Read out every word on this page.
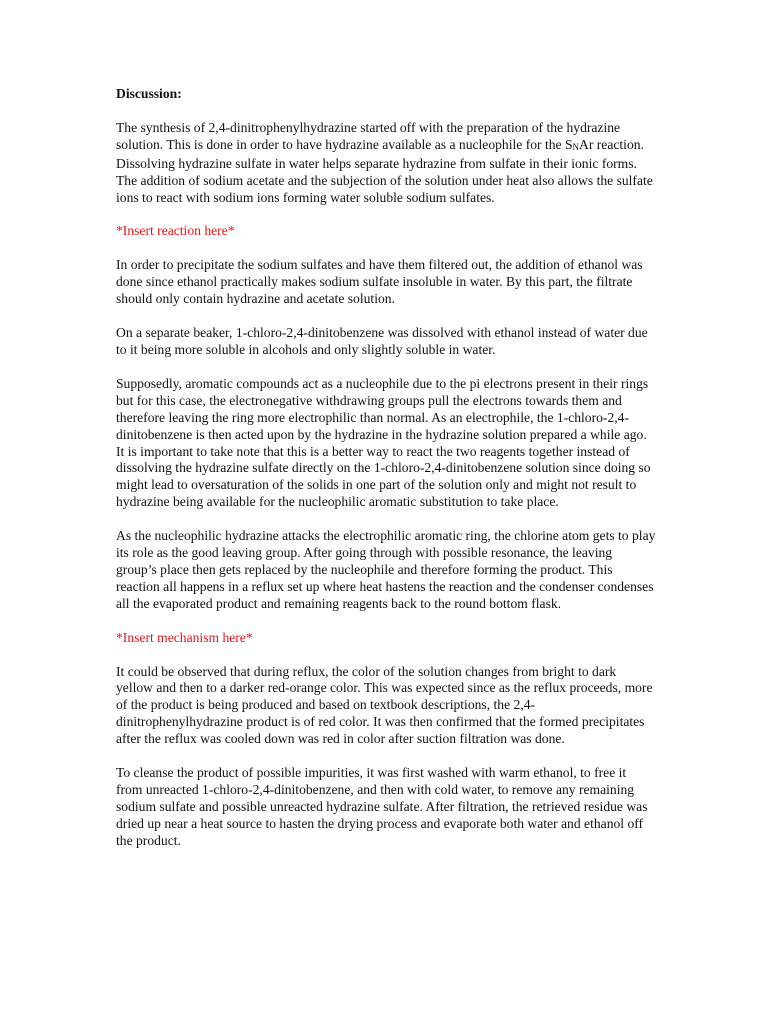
Discussion:
The synthesis of 2,4-dinitrophenylhydrazine started off with the preparation of the hydrazine solution. This is done in order to have hydrazine available as a nucleophile for the $S_NAr$ reaction. Dissolving hydrazine sulfate in water helps separate hydrazine from sulfate in their ionic forms. The addition of sodium acetate and the subjection of the solution under heat also allows the sulfate ions to react with sodium ions forming water soluble sodium sulfates.
*Insert reaction here*
In order to precipitate the sodium sulfates and have them filtered out, the addition of ethanol was done since ethanol practically makes sodium sulfate insoluble in water. By this part, the filtrate should only contain hydrazine and acetate solution.
On a separate beaker, 1-chloro-2,4-dinitobenzene was dissolved with ethanol instead of water due to it being more soluble in alcohols and only slightly soluble in water.
Supposedly, aromatic compounds act as a nucleophile due to the pi electrons present in their rings but for this case, the electronegative withdrawing groups pull the electrons towards them and therefore leaving the ring more electrophilic than normal. As an electrophile, the 1-chloro-2,4-dinitobenzene is then acted upon by the hydrazine in the hydrazine solution prepared a while ago. It is important to take note that this is a better way to react the two reagents together instead of dissolving the hydrazine sulfate directly on the 1-chloro-2,4-dinitobenzene solution since doing so might lead to oversaturation of the solids in one part of the solution only and might not result to hydrazine being available for the nucleophilic aromatic substitution to take place.
As the nucleophilic hydrazine attacks the electrophilic aromatic ring, the chlorine atom gets to play its role as the good leaving group. After going through with possible resonance, the leaving group’s place then gets replaced by the nucleophile and therefore forming the product. This reaction all happens in a reflux set up where heat hastens the reaction and the condenser condenses all the evaporated product and remaining reagents back to the round bottom flask.
*Insert mechanism here*
It could be observed that during reflux, the color of the solution changes from bright to dark yellow and then to a darker red-orange color. This was expected since as the reflux proceeds, more of the product is being produced and based on textbook descriptions, the 2,4-dinitrophenylhydrazine product is of red color. It was then confirmed that the formed precipitates after the reflux was cooled down was red in color after suction filtration was done.
To cleanse the product of possible impurities, it was first washed with warm ethanol, to free it from unreacted 1-chloro-2,4-dinitobenzene, and then with cold water, to remove any remaining sodium sulfate and possible unreacted hydrazine sulfate. After filtration, the retrieved residue was dried up near a heat source to hasten the drying process and evaporate both water and ethanol off the product.
